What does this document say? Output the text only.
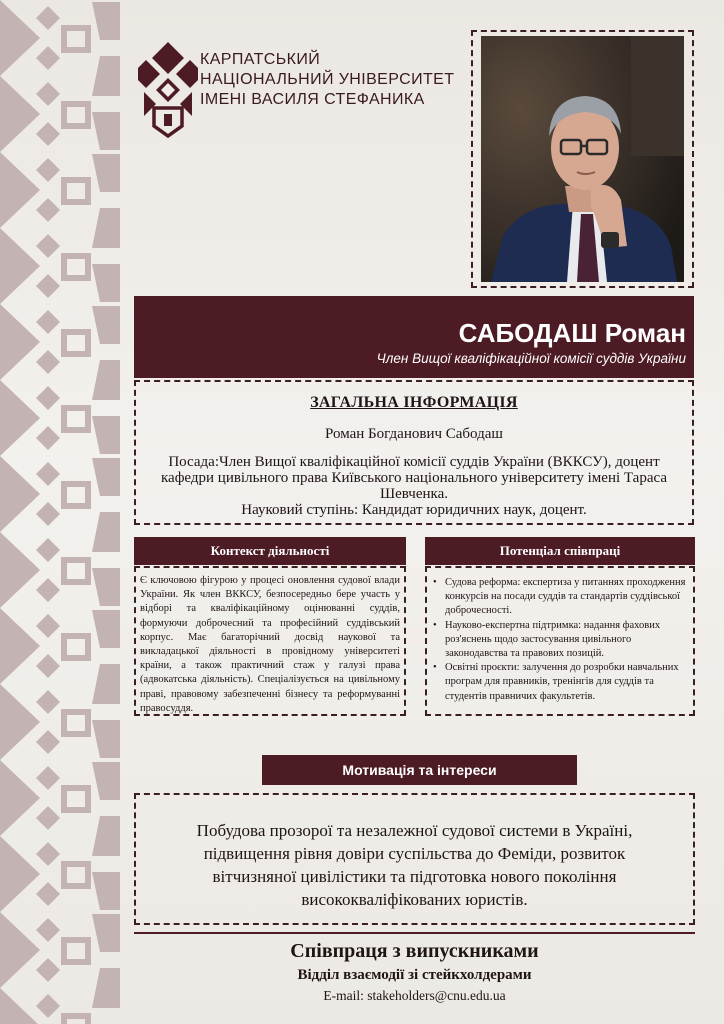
КАРПАТСЬКИЙ
НАЦІОНАЛЬНИЙ УНІВЕРСИТЕТ
ІМЕНІ ВАСИЛЯ СТЕФАНИКА
САБОДАШ Роман
Член Вищої кваліфікаційної комісії суддів України
ЗАГАЛЬНА ІНФОРМАЦІЯ
Роман Богданович Сабодаш
Посада:Член Вищої кваліфікаційної комісії суддів України (ВККСУ), доцент кафедри цивільного права Київського національного університету імені Тараса Шевченка.
Науковий ступінь: Кандидат юридичних наук, доцент.
Контекст діяльності
Є ключовою фігурою у процесі оновлення судової влади України. Як член ВККСУ, безпосередньо бере участь у відборі та кваліфікаційному оцінюванні суддів, формуючи доброчесний та професійний суддівський корпус. Має багаторічний досвід наукової та викладацької діяльності в провідному університеті країни, а також практичний стаж у галузі права (адвокатська діяльність). Спеціалізується на цивільному праві, правовому забезпеченні бізнесу та реформуванні правосуддя.
Потенціал співпраці
• Судова реформа: експертиза у питаннях проходження конкурсів на посади суддів та стандартів суддівської доброчесності.
• Науково-експертна підтримка: надання фахових роз'яснень щодо застосування цивільного законодавства та правових позицій.
• Освітні проєкти: залучення до розробки навчальних програм для правників, тренінгів для суддів та студентів правничих факультетів.
Мотивація та інтереси
Побудова прозорої та незалежної судової системи в Україні, підвищення рівня довіри суспільства до Феміди, розвиток вітчизняної цивілістики та підготовка нового покоління висококваліфікованих юристів.
Співпраця з випускниками
Відділ взаємодії зі стейкхолдерами
E-mail: stakeholders@cnu.edu.ua
